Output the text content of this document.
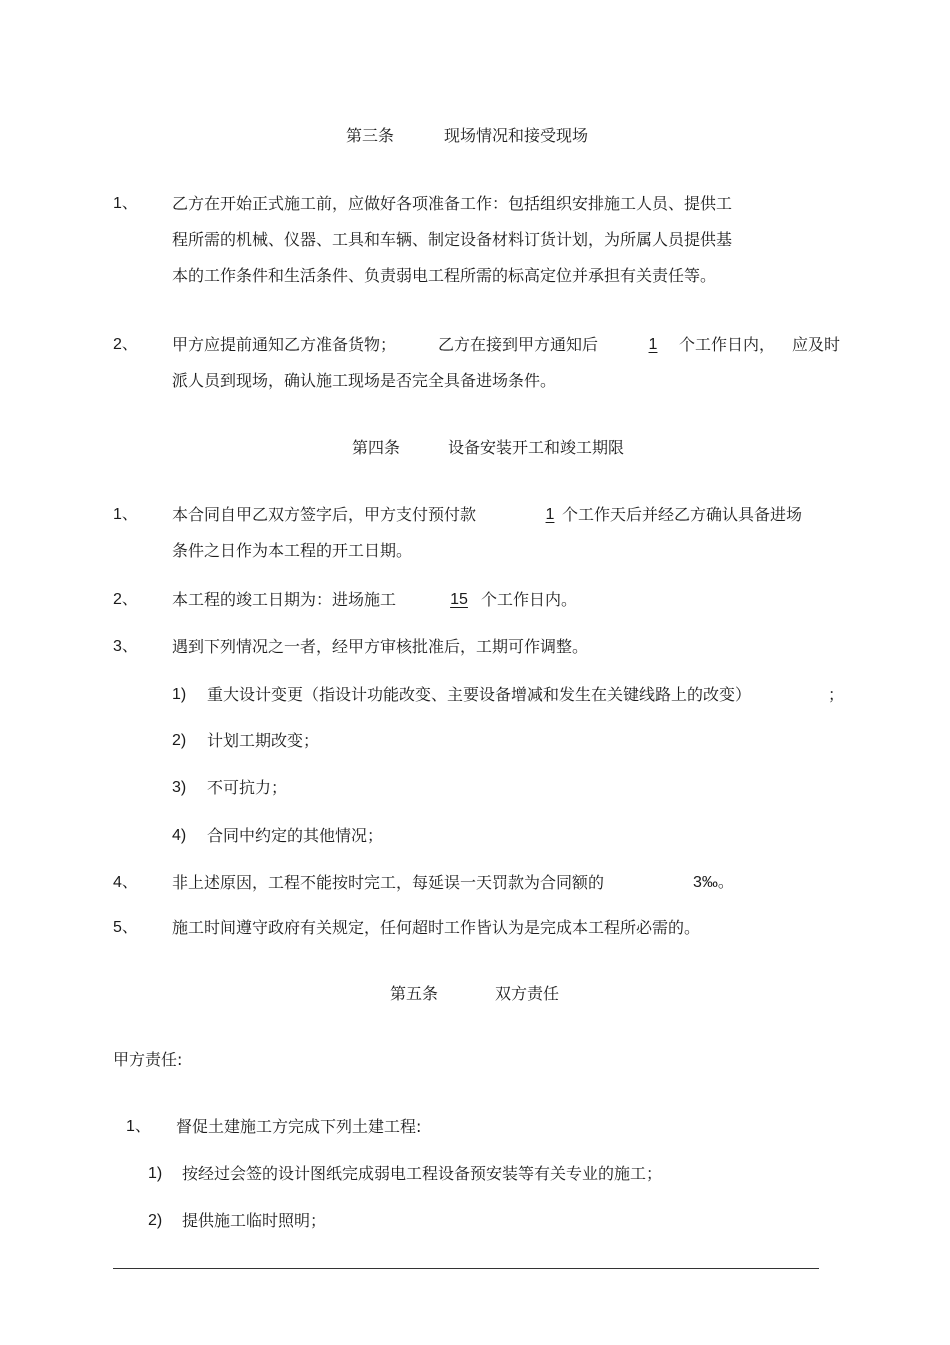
第三条	现场情况和接受现场
1、 乙方在开始正式施工前，应做好各项准备工作：包括组织安排施工人员、提供工
程所需的机械、仪器、工具和车辆、制定设备材料订货计划，为所属人员提供基
本的工作条件和生活条件、负责弱电工程所需的标高定位并承担有关责任等。
2、 甲方应提前通知乙方准备货物；	乙方在接到甲方通知后	1	个工作日内， 应及时
派人员到现场，确认施工现场是否完全具备进场条件。
第四条	设备安装开工和竣工期限
1、 本合同自甲乙双方签字后，甲方支付预付款	1 个工作天后并经乙方确认具备进场
条件之日作为本工程的开工日期。
2、 本工程的竣工日期为：进场施工	15 个工作日内。
3、 遇到下列情况之一者，经甲方审核批准后，工期可作调整。
1) 重大设计变更（指设计功能改变、主要设备增减和发生在关键线路上的改变）	；
2) 计划工期改变；
3) 不可抗力；
4) 合同中约定的其他情况；
4、 非上述原因，工程不能按时完工，每延误一天罚款为合同额的	3‰。
5、 施工时间遵守政府有关规定，任何超时工作皆认为是完成本工程所必需的。
第五条	双方责任
甲方责任:
1、 督促土建施工方完成下列土建工程:
1) 按经过会签的设计图纸完成弱电工程设备预安装等有关专业的施工；
2) 提供施工临时照明；
